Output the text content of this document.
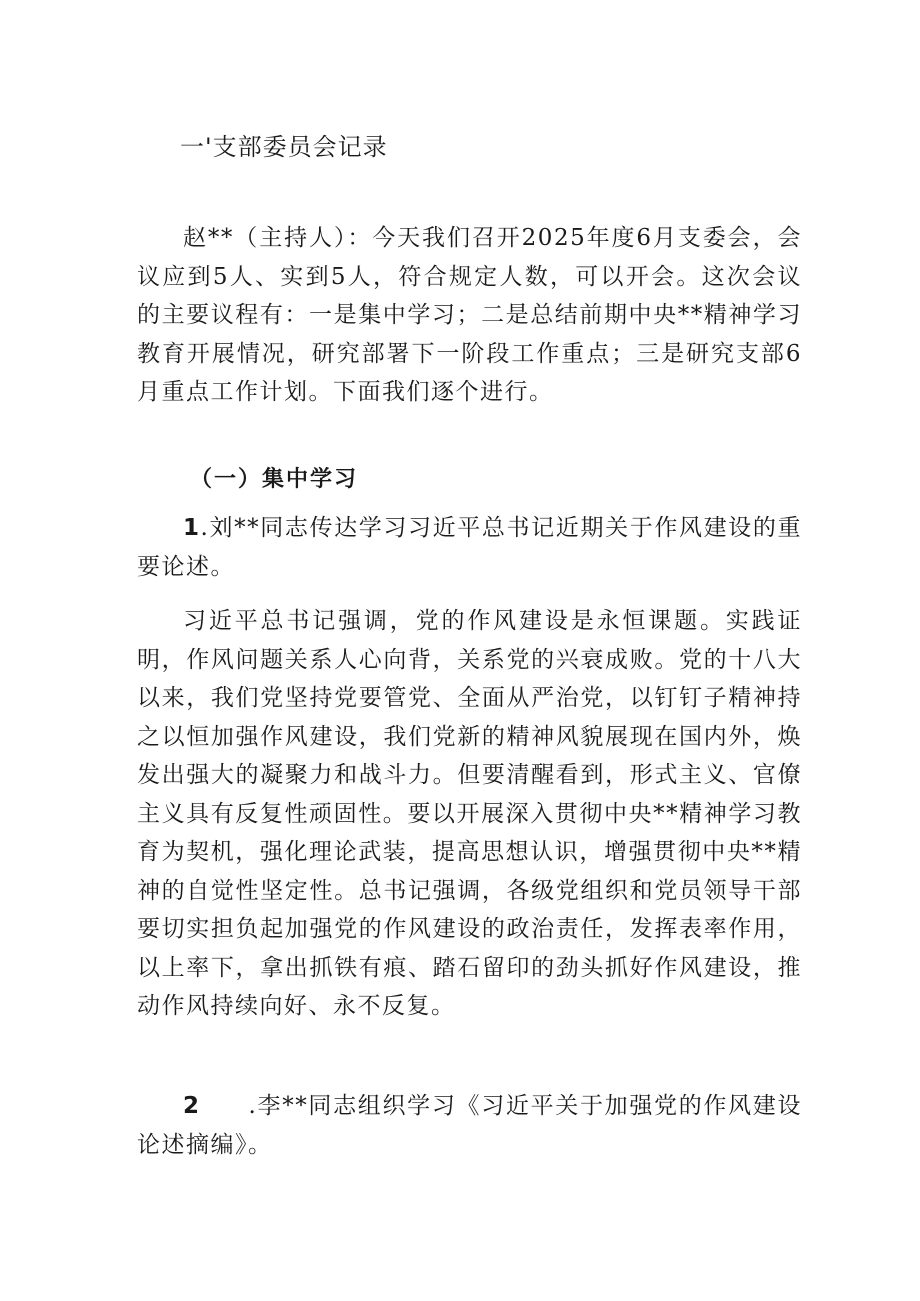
一'支部委员会记录

赵**（主持人）：今天我们召开2025年度6月支委会，会议应到5人、实到5人，符合规定人数，可以开会。这次会议的主要议程有：一是集中学习；二是总结前期中央**精神学习教育开展情况，研究部署下一阶段工作重点；三是研究支部6月重点工作计划。下面我们逐个进行。

（一）集中学习

1.刘**同志传达学习习近平总书记近期关于作风建设的重要论述。

习近平总书记强调，党的作风建设是永恒课题。实践证明，作风问题关系人心向背，关系党的兴衰成败。党的十八大以来，我们党坚持党要管党、全面从严治党，以钉钉子精神持之以恒加强作风建设，我们党新的精神风貌展现在国内外，焕发出强大的凝聚力和战斗力。但要清醒看到，形式主义、官僚主义具有反复性顽固性。要以开展深入贯彻中央**精神学习教育为契机，强化理论武装，提高思想认识，增强贯彻中央**精神的自觉性坚定性。总书记强调，各级党组织和党员领导干部要切实担负起加强党的作风建设的政治责任，发挥表率作用，以上率下，拿出抓铁有痕、踏石留印的劲头抓好作风建设，推动作风持续向好、永不反复。

2 .李**同志组织学习《习近平关于加强党的作风建设论述摘编》。
